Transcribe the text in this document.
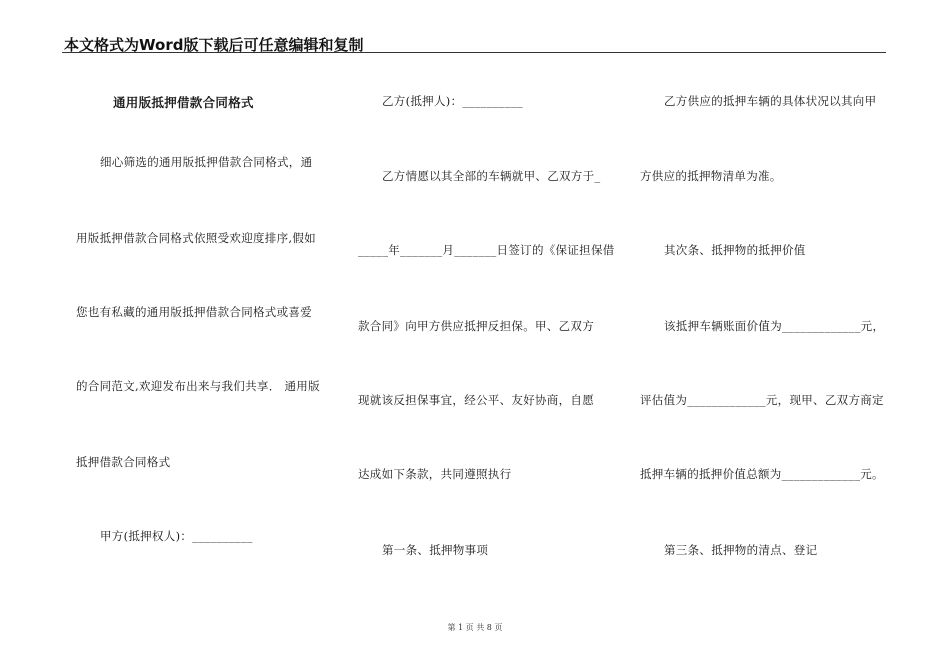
本文格式为Word版下载后可任意编辑和复制
通用版抵押借款合同格式
细心筛选的通用版抵押借款合同格式，通
用版抵押借款合同格式依照受欢迎度排序,假如
您也有私藏的通用版抵押借款合同格式或喜爱
的合同范文,欢迎发布出来与我们共享． 通用版
抵押借款合同格式
甲方(抵押权人)：__________
乙方(抵押人)：__________
乙方情愿以其全部的车辆就甲、乙双方于_
_____年_______月_______日签订的《保证担保借
款合同》向甲方供应抵押反担保。甲、乙双方
现就该反担保事宜，经公平、友好协商，自愿
达成如下条款，共同遵照执行
第一条、抵押物事项
乙方供应的抵押车辆的具体状况以其向甲
方供应的抵押物清单为准。
其次条、抵押物的抵押价值
该抵押车辆账面价值为_____________元，
评估值为_____________元，现甲、乙双方商定
抵押车辆的抵押价值总额为_____________元。
第三条、抵押物的清点、登记
第 1 页 共 8 页
